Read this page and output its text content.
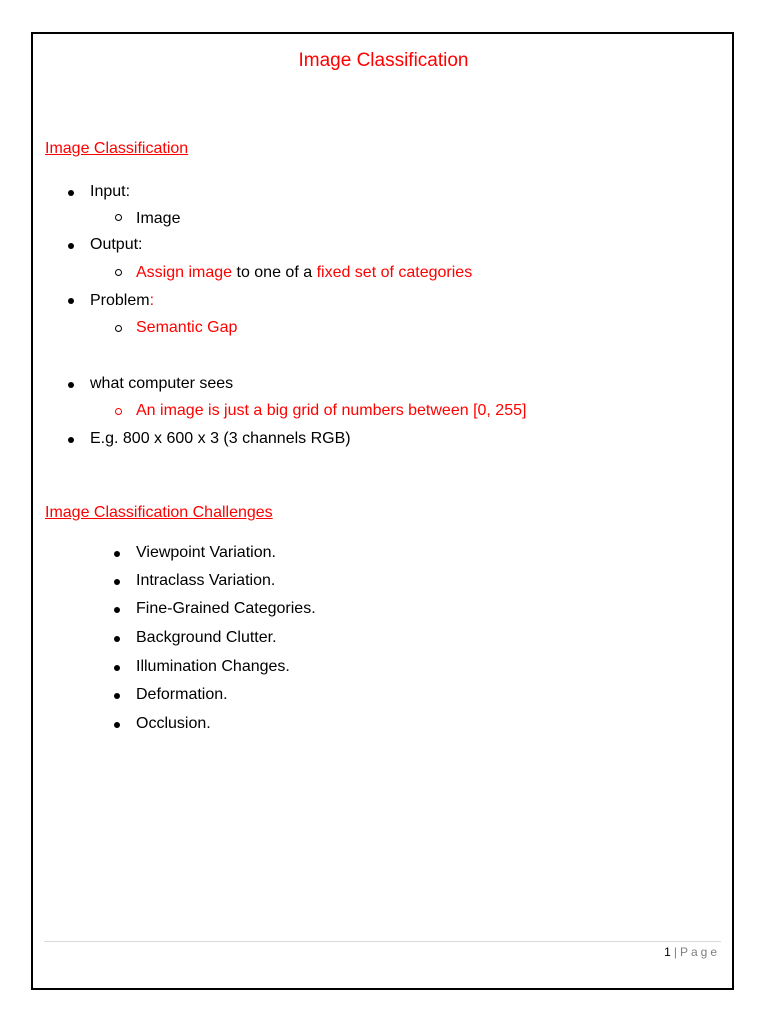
Image Classification
Image Classification
Input:
Image
Output:
Assign image to one of a fixed set of categories
Problem:
Semantic Gap
what computer sees
An image is just a big grid of numbers between [0, 255]
E.g. 800 x 600 x 3 (3 channels RGB)
Image Classification Challenges
Viewpoint Variation.
Intraclass Variation.
Fine-Grained Categories.
Background Clutter.
Illumination Changes.
Deformation.
Occlusion.
1 | Page
